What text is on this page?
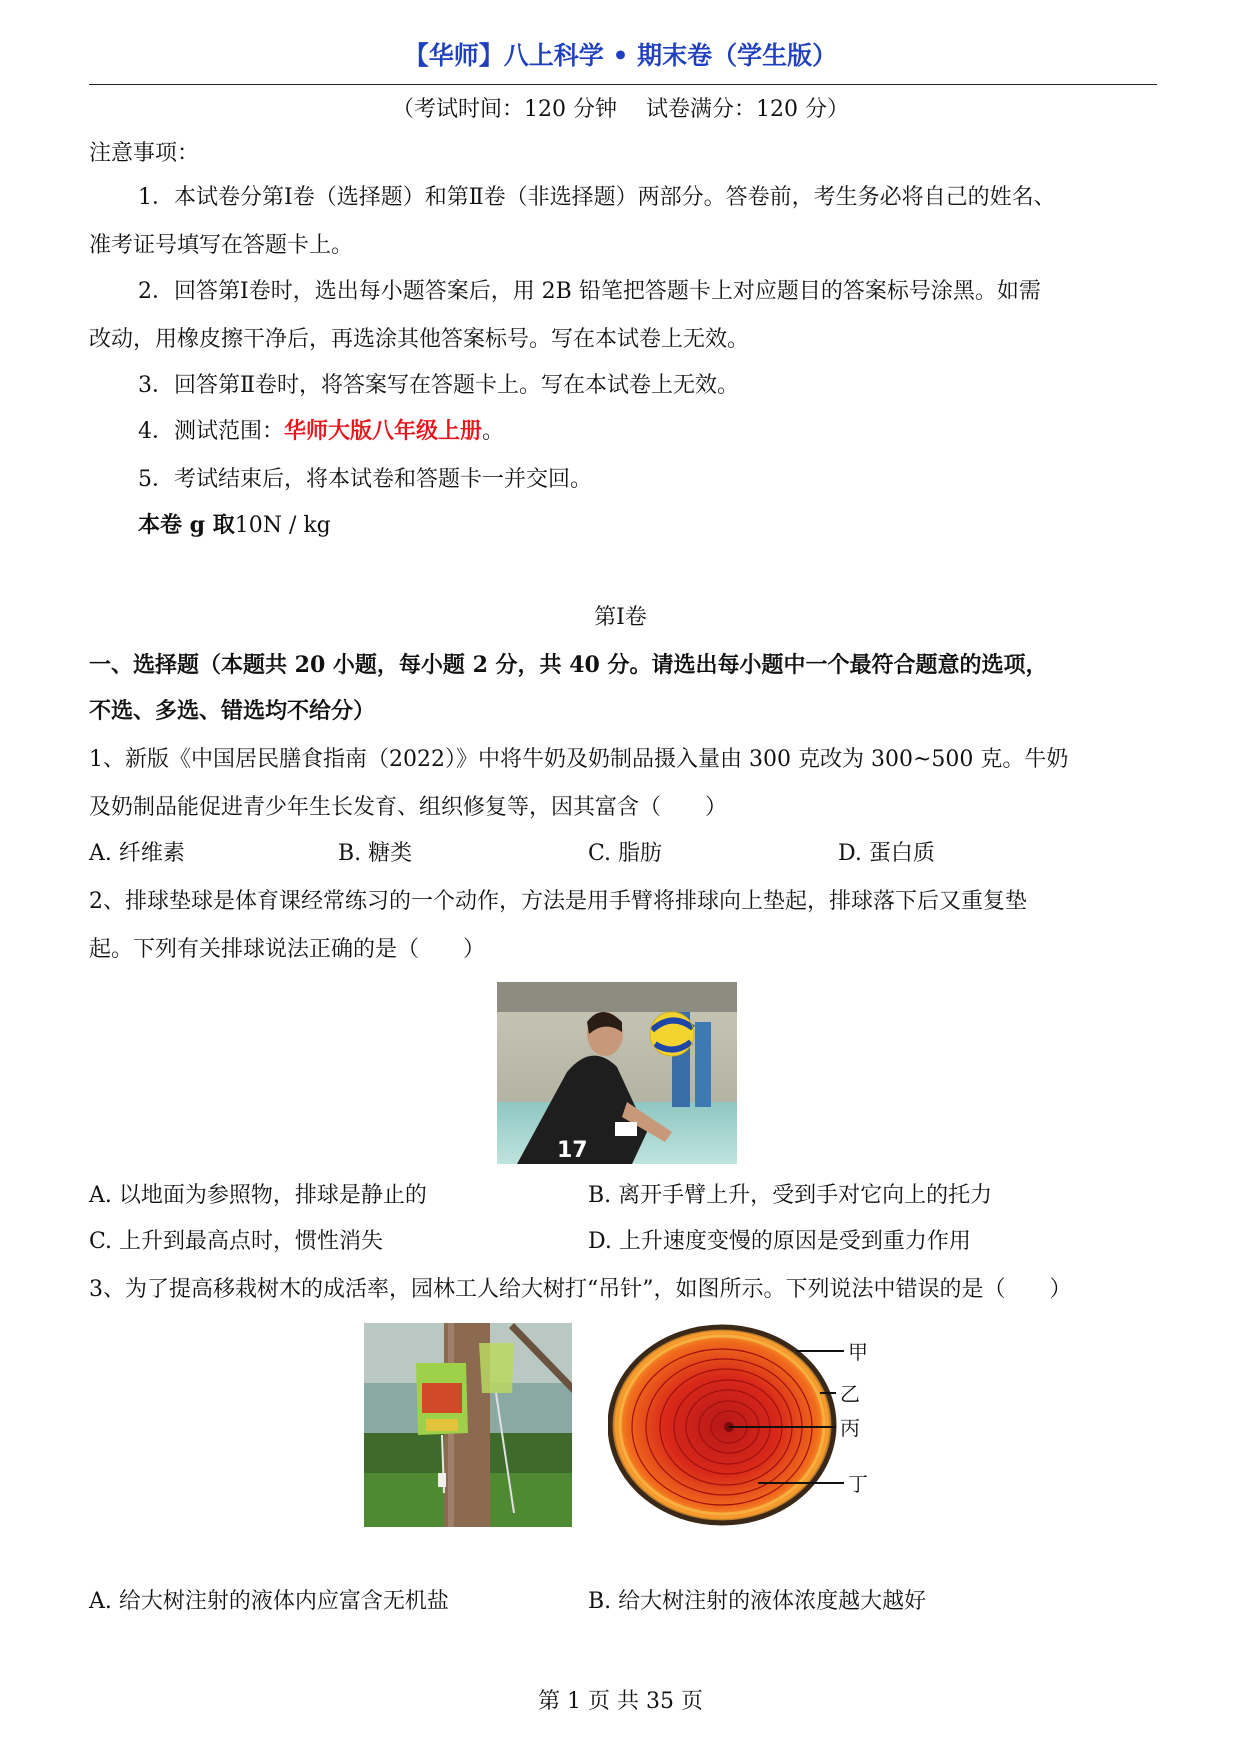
【华师】八上科学 • 期末卷（学生版）
（考试时间：120 分钟　 试卷满分：120 分）
注意事项：
1．本试卷分第Ⅰ卷（选择题）和第Ⅱ卷（非选择题）两部分。答卷前，考生务必将自己的姓名、
准考证号填写在答题卡上。
2．回答第Ⅰ卷时，选出每小题答案后，用 2B 铅笔把答题卡上对应题目的答案标号涂黑。如需
改动，用橡皮擦干净后，再选涂其他答案标号。写在本试卷上无效。
3．回答第Ⅱ卷时，将答案写在答题卡上。写在本试卷上无效。
4．测试范围：华师大版八年级上册。
5．考试结束后，将本试卷和答题卡一并交回。
本卷 g 取10N / kg
第Ⅰ卷
一、选择题（本题共 20 小题，每小题 2 分，共 40 分。请选出每小题中一个最符合题意的选项，
不选、多选、错选均不给分）
1、新版《中国居民膳食指南（2022）》中将牛奶及奶制品摄入量由 300 克改为 300~500 克。牛奶
及奶制品能促进青少年生长发育、组织修复等，因其富含（　　）
A. 纤维素	B. 糖类	C. 脂肪	D. 蛋白质
2、排球垫球是体育课经常练习的一个动作，方法是用手臂将排球向上垫起，排球落下后又重复垫
起。下列有关排球说法正确的是（　　）
17
A. 以地面为参照物，排球是静止的	B. 离开手臂上升，受到手对它向上的托力
C. 上升到最高点时，惯性消失	D. 上升速度变慢的原因是受到重力作用
3、为了提高移栽树木的成活率，园林工人给大树打“吊针”，如图所示。下列说法中错误的是（　　）
甲
乙
丙
丁
A. 给大树注射的液体内应富含无机盐	B. 给大树注射的液体浓度越大越好
第 1 页 共 35 页
